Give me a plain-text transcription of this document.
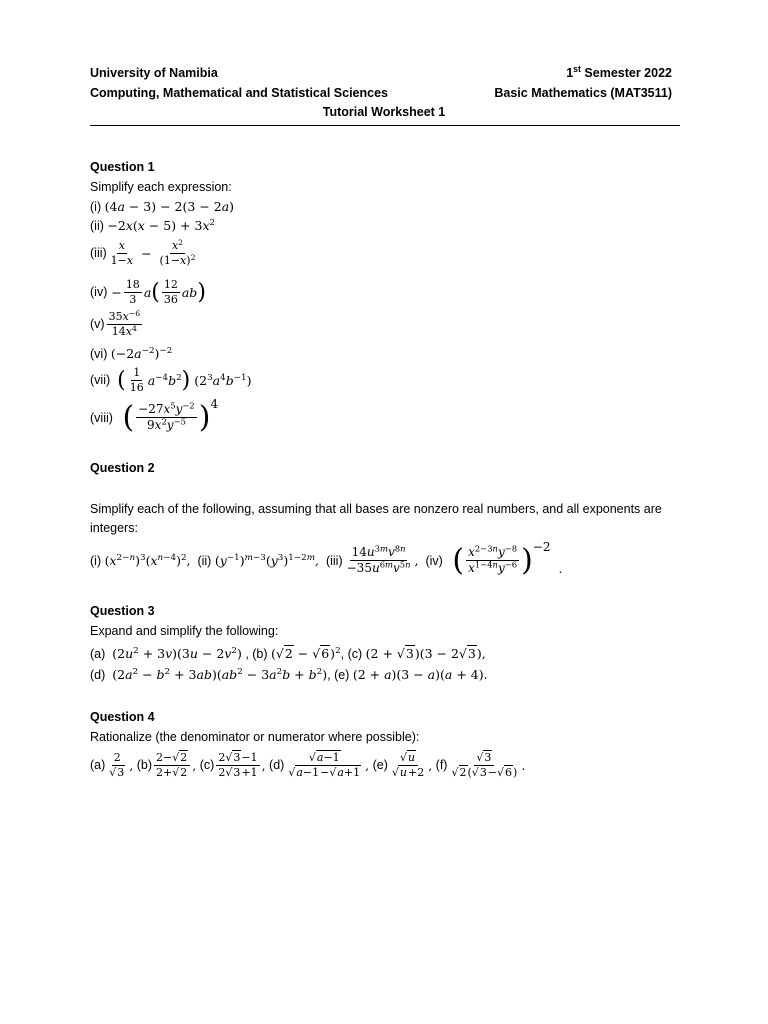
University of Namibia	1st Semester 2022
Computing, Mathematical and Statistical Sciences	Basic Mathematics (MAT3511)
Tutorial Worksheet 1
Question 1
Simplify each expression:
(i)
(4a − 3) − 2(3 − 2a)
(ii)
$-2x(x - 5) + 3x^2$
$(iii) \frac{x}{1-x} - \frac{x^2}{(1-x)^2}$
$(iv) - \frac{18}{3}$ a ( $\frac{12}{36}$ ab )
$(v) \frac{35x^{-6}}{14x^4}$
(vi)
$(-2a^{-2})^{-2}$
(vii) ( $\frac{1}{16} a^{-4}b^2$ ) $(2^3a^4b^{-1})$
(viii) ( $\frac{-27x^5y^{-2}}{9x^2y^{-5}}$ ) 4
Question 2
Simplify each of the following, assuming that all bases are nonzero real numbers, and all exponents are integers:
(i)
$(x^{2-n})^3(x^{n-4})^2$,
(ii)
$(y^{-1})^{m-3}(y^3)^{1-2m}$,
$(iii) \frac{14u^{3m}v^{8n}}{-35u^{6m}v^{5n}}$ ,
(iv) ( $\frac{x^{2-3n}y^{-8}}{x^{1-4n}y^{-6}}$ ) −2
.
Question 3
Expand and simplify the following:
(a)
$(2u^2 + 3v)(3u - 2v^2)$ , (b)
$(√2 - √6)^2$ , (c)
(2 + √3)(3 − 2√3),
(d)
$(2a^2 - b^2 + 3ab)(ab^2 - 3a^2b + b^2)$ , (e)
(2 + a)(3 − a)(a + 4).
Question 4
Rationalize (the denominator or numerator where possible):
$(a) \frac{2}{√3}$ ,
$(b) \frac{2-√2}{2+√2}$ ,
$(c) \frac{2√3-1}{2√3+1}$ ,
$(d) \frac{√a-1}{√a-1-√a+1}$ ,
$(e) \frac{√u}{√u+2}$ ,
$(f) \frac{√3}{√2(√3-√6)}$ .
